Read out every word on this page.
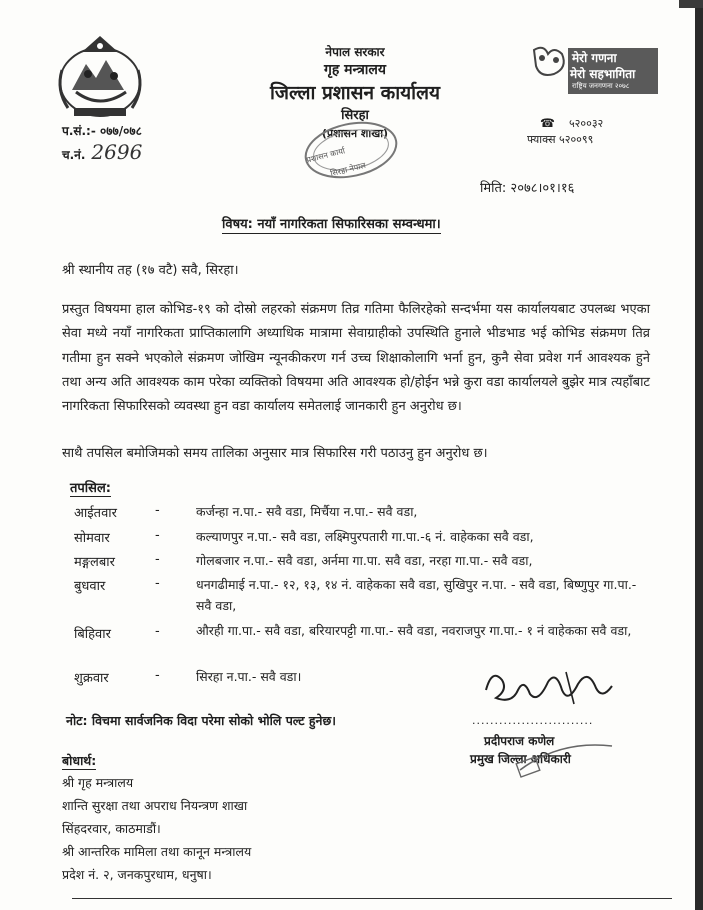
मेरो गणना
मेरो सहभागिता
राष्ट्रिय जनगणना २०७८
नेपाल सरकार
गृह मन्त्रालय
जिल्ला प्रशासन कार्यालय
सिरहा
(प्रशासन शाखा)
प्रशासन कार्या
सिरहा नेपाल
प.सं.:- ०७७/०७८
च.नं. 2696
☎ ५२००३२
फ्याक्स ५२००९९
मिति: २०७८।०१।१६
विषय: नयाँ नागरिकता सिफारिसका सम्वन्धमा।
श्री स्थानीय तह (१७ वटै) सवै, सिरहा।
प्रस्तुत विषयमा हाल कोभिड-१९ को दोस्रो लहरको संक्रमण तिव्र गतिमा फैलिरहेको सन्दर्भमा यस कार्यालयबाट उपलब्ध भएका सेवा मध्ये नयाँ नागरिकता प्राप्तिकालागि अध्याधिक मात्रामा सेवाग्राहीको उपस्थिति हुनाले भीडभाड भई कोभिड संक्रमण तिव्र गतीमा हुन सक्ने भएकोले संक्रमण जोखिम न्यूनकीकरण गर्न उच्च शिक्षाकोलागि भर्ना हुन, कुनै सेवा प्रवेश गर्न आवश्यक हुने तथा अन्य अति आवश्यक काम परेका व्यक्तिको विषयमा अति आवश्यक हो/होईन भन्ने कुरा वडा कार्यालयले बुझेर मात्र त्यहाँबाट नागरिकता सिफारिसको व्यवस्था हुन वडा कार्यालय समेतलाई जानकारी हुन अनुरोध छ।
साथै तपसिल बमोजिमको समय तालिका अनुसार मात्र सिफारिस गरी पठाउनु हुन अनुरोध छ।
तपसिल:
आईतवार	-	कर्जन्हा न.पा.- सवै वडा, मिर्चैया न.पा.- सवै वडा,
सोमवार	-	कल्याणपुर न.पा.- सवै वडा, लक्ष्मिपुरपतारी गा.पा.-६ नं. वाहेकका सवै वडा,
मङ्गलबार	-	गोलबजार न.पा.- सवै वडा, अर्नमा गा.पा. सवै वडा, नरहा गा.पा.- सवै वडा,
बुधवार	-	धनगढीमाई न.पा.- १२, १३, १४ नं. वाहेकका सवै वडा, सुखिपुर न.पा. - सवै वडा, बिष्णुपुर गा.पा.- सवै वडा,
बिहिवार	-	औरही गा.पा.- सवै वडा, बरियारपट्टी गा.पा.- सवै वडा, नवराजपुर गा.पा.- १ नं वाहेकका सवै वडा,
शुक्रवार	-	सिरहा न.पा.- सवै वडा।
नोट: विचमा सार्वजनिक विदा परेमा सोको भोलि पल्ट हुनेछ।	...........................
प्रदीपराज कणेल
प्रमुख जिल्ला अधिकारी
बोधार्थ:
श्री गृह मन्त्रालय
शान्ति सुरक्षा तथा अपराध नियन्त्रण शाखा
सिंहदरवार, काठमाडौं।
श्री आन्तरिक मामिला तथा कानून मन्त्रालय
प्रदेश नं. २, जनकपुरधाम, धनुषा।
